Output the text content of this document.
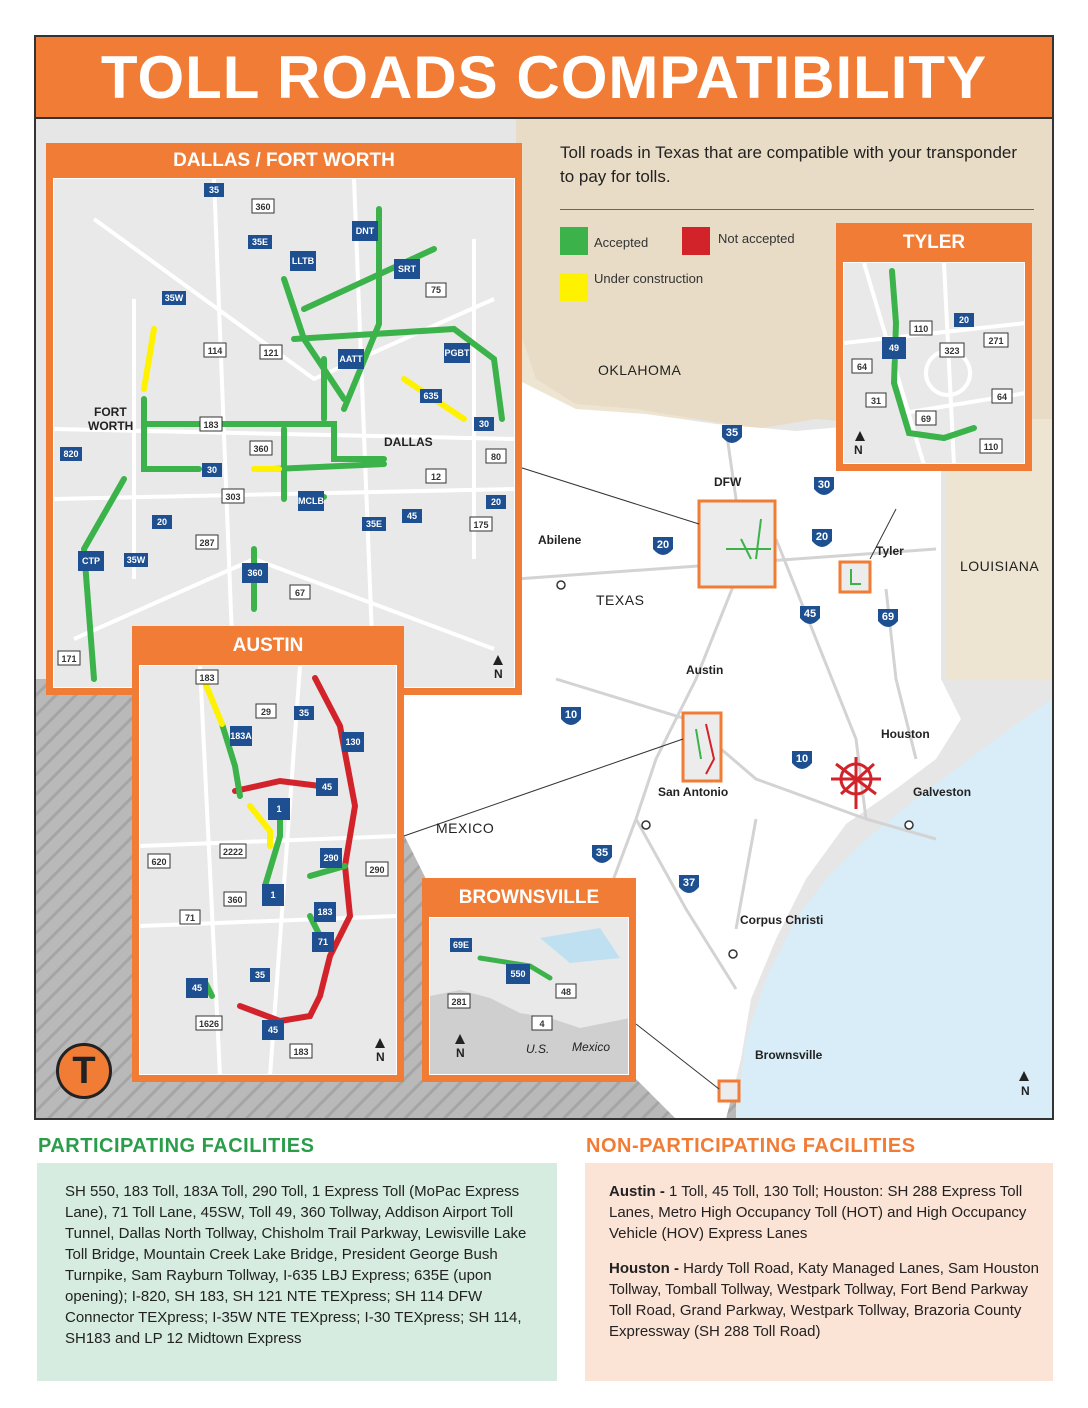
TOLL ROADS COMPATIBILITY
35
30
20
20
45	69
10
10
35
37
OKLAHOMA
TEXAS
LOUISIANA
MEXICO
DFW
Abilene
Tyler
Austin
Houston
San Antonio	Galveston
Corpus Christi
Brownsville
N
Toll roads in Texas that are compatible with your transponder to pay for tolls.
Accepted	Not accepted
Under construction
DALLAS / FORT WORTH
35
360
35E
LLTB
DNT
SRT
75
35W
114	121
AATT
PGBT
635
183
360
30
80
820
30
303
12
MCLB
20
20
35E
45
175
CTP	35W
287
360
67
171
FORT
WORTH
DALLAS
N
TYLER
20
110
271
49	323
64
64
31
69
110
N
AUSTIN
183
29	35
183A
130
45
1
2222
290
620
360	1
290
183
71
71
35
45
1626
45
183	N
BROWNSVILLE
69E
550
48
281
4
U.S. Mexico
N
T
PARTICIPATING FACILITIES	NON-PARTICIPATING FACILITIES
SH 550, 183 Toll, 183A Toll, 290 Toll, 1 Express Toll (MoPac Express Lane), 71 Toll Lane, 45SW, Toll 49, 360 Tollway, Addison Airport Toll Tunnel, Dallas North Tollway, Chisholm Trail Parkway, Lewisville Lake Toll Bridge, Mountain Creek Lake Bridge, President George Bush Turnpike, Sam Rayburn Tollway, I-635 LBJ Express; 635E (upon opening); I-820, SH 183, SH 121 NTE TEXpress; SH 114 DFW Connector TEXpress; I-35W NTE TEXpress; I-30 TEXpress; SH 114, SH183 and LP 12 Midtown Express

Austin - 1 Toll, 45 Toll, 130 Toll; Houston: SH 288 Express Toll Lanes, Metro High Occupancy Toll (HOT) and High Occupancy Vehicle (HOV) Express Lanes

Houston - Hardy Toll Road, Katy Managed Lanes, Sam Houston Tollway, Tomball Tollway, Westpark Tollway, Fort Bend Parkway Toll Road, Grand Parkway, Westpark Tollway, Brazoria County Expressway (SH 288 Toll Road)
